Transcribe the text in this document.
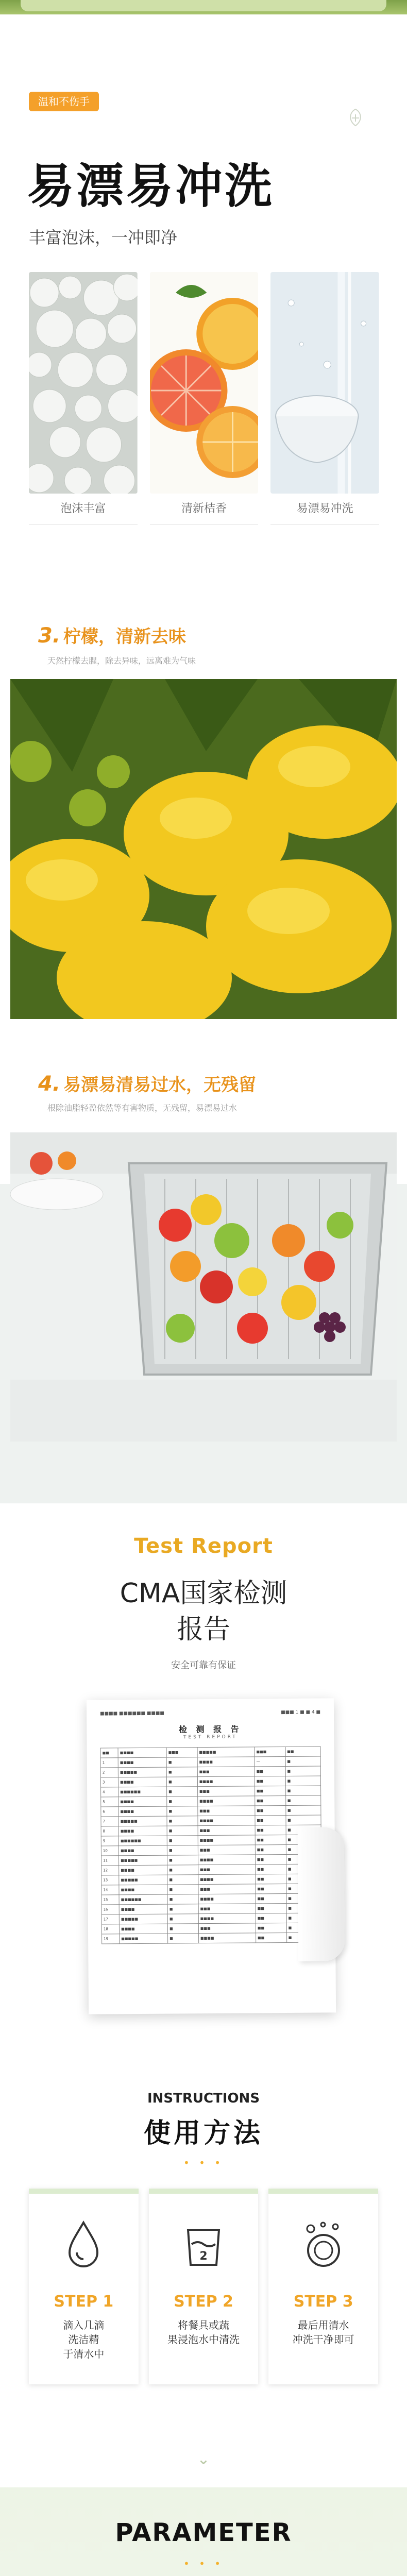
温和不伤手
易漂易冲洗
丰富泡沫，一冲即净
泡沫丰富	清新桔香	易漂易冲洗
3. 柠檬，清新去味
天然柠檬去腥，除去异味，远离难为气味
4. 易漂易清易过水，无残留
根除油脂轻盈依然等有害物质，无残留，易漂易过水
Test Report
CMA国家检测
报告
安全可靠有保证
■■■■ ■■■■■■ ■■■■	■■■ 1 ■ ■ 4 ■
检 测 报 告
TEST REPORT
■■	■■■■	■■■	■■■■■	■■■	■■
1	■■■■	■	■■■■	—	■
2	■■■■■	■	■■■	■■	■
3	■■■■	■	■■■■	■■	■
4	■■■■■■	■	■■■	■■	■
5	■■■■	■	■■■■	■■	■
6	■■■■	■	■■■	■■	■
7	■■■■■	■	■■■■	■■	■
8	■■■■	■	■■■	■■	■
9	■■■■■■	■	■■■■	■■	■
10	■■■■	■	■■■	■■	■
11	■■■■■	■	■■■■	■■	■
12	■■■■	■	■■■	■■	■
13	■■■■■	■	■■■■	■■	■
14	■■■■	■	■■■	■■	■
15	■■■■■■	■	■■■■	■■	■
16	■■■■	■	■■■	■■	■
17	■■■■■	■	■■■■	■■	■
18	■■■■	■	■■■	■■	■
19	■■■■■	■	■■■■	■■	■
INSTRUCTIONS
使用方法
• • •
STEP 1
滴入几滴
洗洁精
于清水中
2
STEP 2
将餐具或蔬
果浸泡水中清洗
STEP 3
最后用清水
冲洗干净即可
⌄
PARAMETER
• • •
